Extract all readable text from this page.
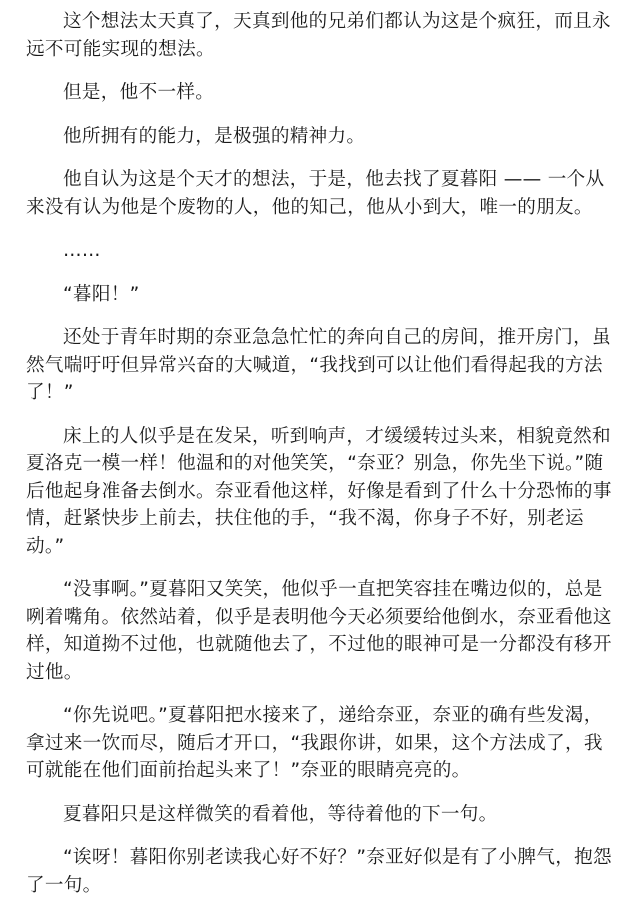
这个想法太天真了，天真到他的兄弟们都认为这是个疯狂，而且永远不可能实现的想法。

但是，他不一样。

他所拥有的能力，是极强的精神力。

他自认为这是个天才的想法，于是，他去找了夏暮阳 —— 一个从来没有认为他是个废物的人，他的知己，他从小到大，唯一的朋友。

……

“暮阳！”

还处于青年时期的奈亚急急忙忙的奔向自己的房间，推开房门，虽然气喘吁吁但异常兴奋的大喊道，“我找到可以让他们看得起我的方法了！”

床上的人似乎是在发呆，听到响声，才缓缓转过头来，相貌竟然和夏洛克一模一样！他温和的对他笑笑，“奈亚？别急，你先坐下说。”随后他起身准备去倒水。奈亚看他这样，好像是看到了什么十分恐怖的事情，赶紧快步上前去，扶住他的手，“我不渴，你身子不好，别老运动。”

“没事啊。”夏暮阳又笑笑，他似乎一直把笑容挂在嘴边似的，总是咧着嘴角。依然站着，似乎是表明他今天必须要给他倒水，奈亚看他这样，知道拗不过他，也就随他去了，不过他的眼神可是一分都没有移开过他。

“你先说吧。”夏暮阳把水接来了，递给奈亚，奈亚的确有些发渴，拿过来一饮而尽，随后才开口，“我跟你讲，如果，这个方法成了，我可就能在他们面前抬起头来了！”奈亚的眼睛亮亮的。

夏暮阳只是这样微笑的看着他，等待着他的下一句。

“诶呀！暮阳你别老读我心好不好？”奈亚好似是有了小脾气，抱怨了一句。
